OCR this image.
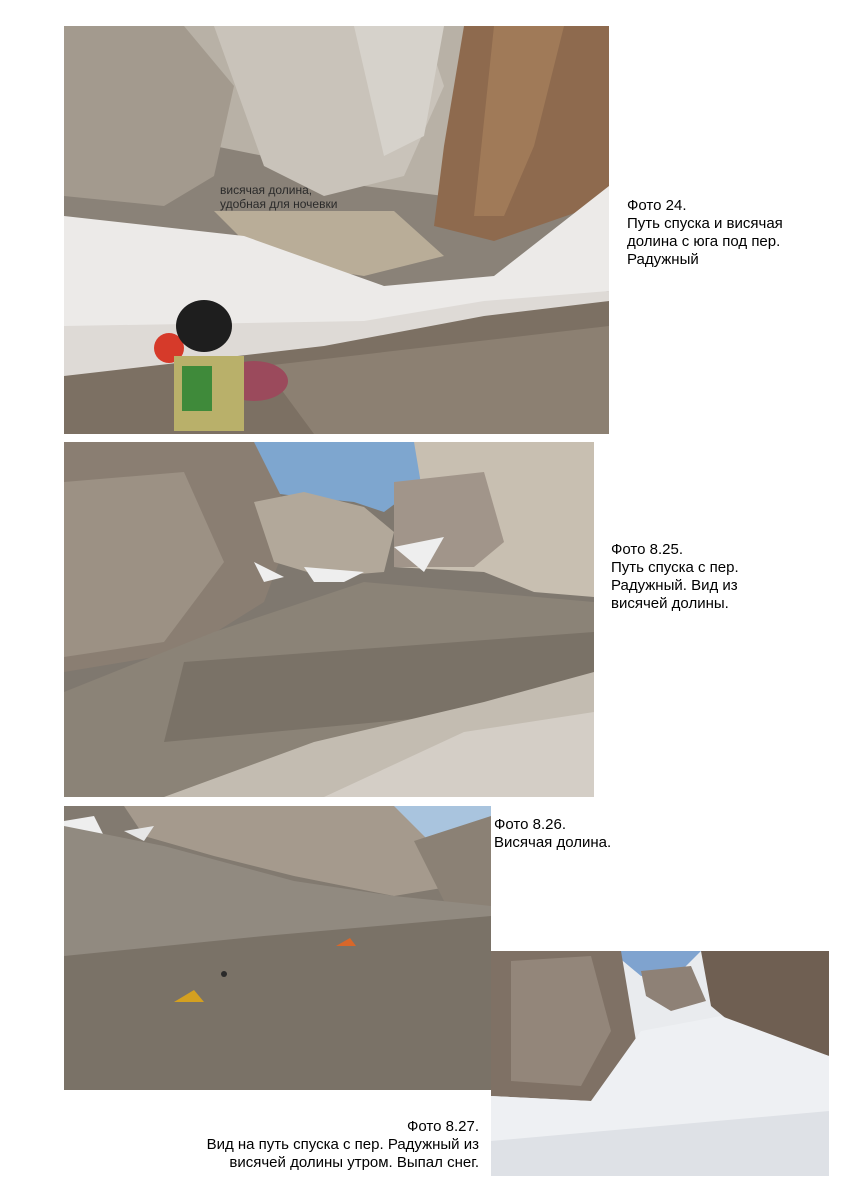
висячая долина,
удобная для ночевки	Фото 24.
Путь спуска и висячая
долина с юга под пер.
Радужный
Фото 8.25.
Путь спуска с пер.
Радужный. Вид из
висячей долины.
Фото 8.26.
Висячая долина.
Фото 8.27.
Вид на путь спуска с пер. Радужный из
висячей долины утром. Выпал снег.
